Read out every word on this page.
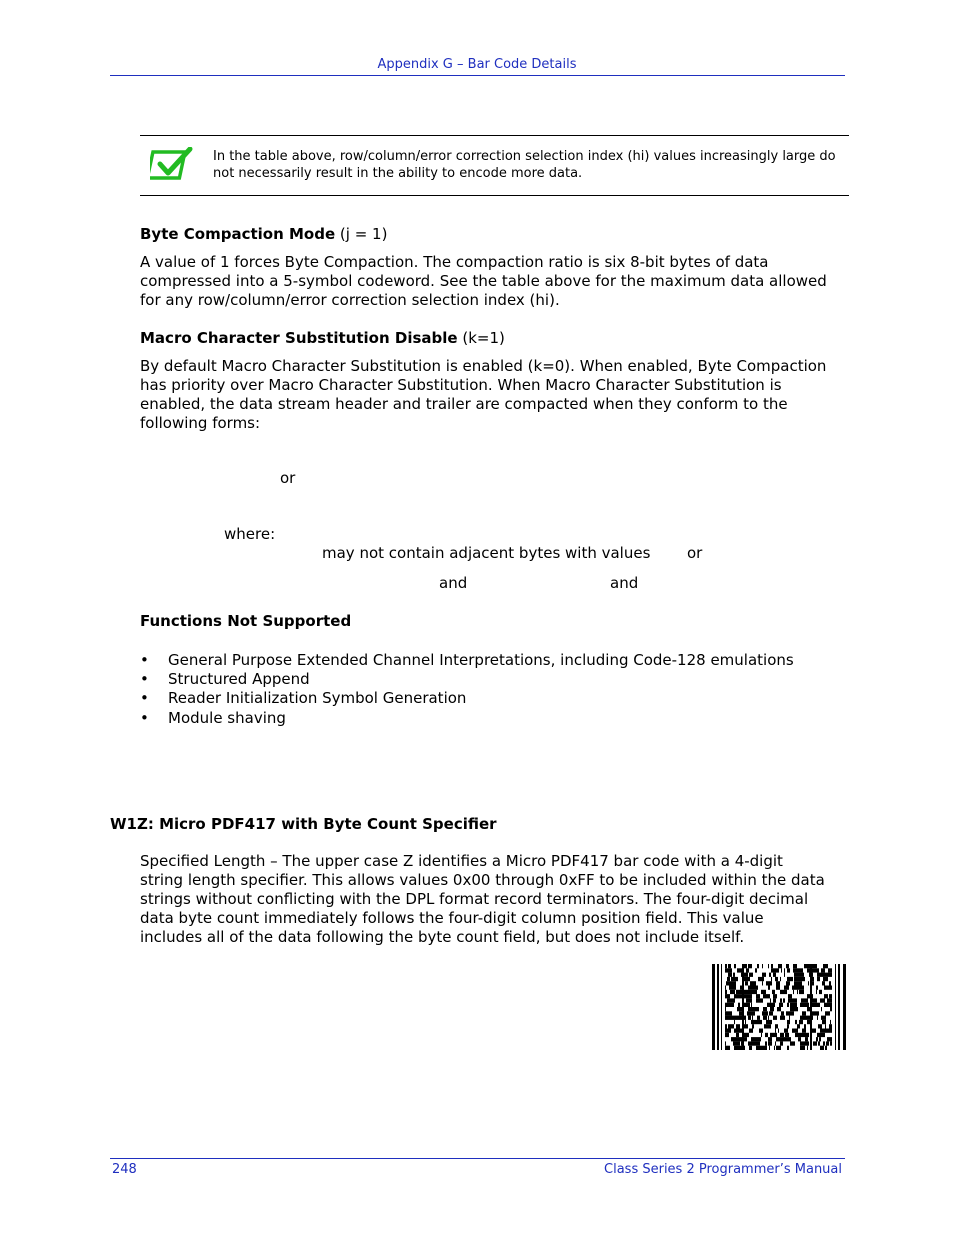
Appendix G – Bar Code Details
In the table above, row/column/error correction selection index (hi) values increasingly large do not necessarily result in the ability to encode more data.
Byte Compaction Mode (j = 1)
A value of 1 forces Byte Compaction. The compaction ratio is six 8-bit bytes of data compressed into a 5-symbol codeword. See the table above for the maximum data allowed for any row/column/error correction selection index (hi).
Macro Character Substitution Disable (k=1)
By default Macro Character Substitution is enabled (k=0). When enabled, Byte Compaction has priority over Macro Character Substitution. When Macro Character Substitution is enabled, the data stream header and trailer are compacted when they conform to the following forms:
or
where:
may not contain adjacent bytes with values or
and	and
Functions Not Supported
• General Purpose Extended Channel Interpretations, including Code-128 emulations
• Structured Append
• Reader Initialization Symbol Generation
• Module shaving
W1Z: Micro PDF417 with Byte Count Specifier
Specified Length – The upper case Z identifies a Micro PDF417 bar code with a 4-digit string length specifier. This allows values 0x00 through 0xFF to be included within the data strings without conflicting with the DPL format record terminators. The four-digit decimal data byte count immediately follows the four-digit column position field. This value includes all of the data following the byte count field, but does not include itself.
248	Class Series 2 Programmer’s Manual
